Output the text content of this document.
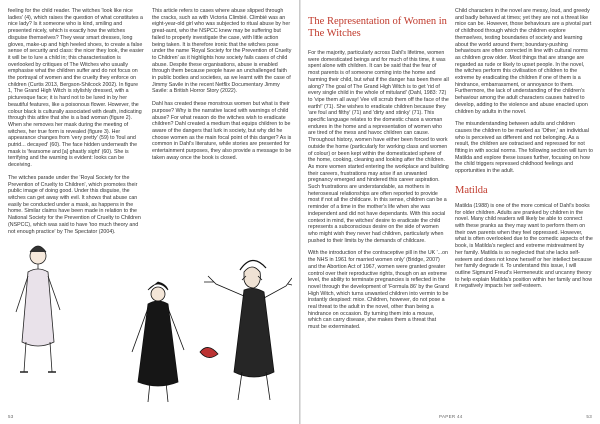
feeling for the child reader. The witches 'look like nice ladies' (4), which raises the question of what constitutes a nice lady? Is it someone who is kind, smiling and presented nicely, which is exactly how the witches disguise themselves? They wear smart dresses, long gloves, make-up and high heeled shoes, to create a false sense of security and class: the nicer they look, the easier it will be to lure a child in; this characterisation is overlooked by critiques of The Witches who usually emphasise what the children suffer and do not focus on the portrayal of women and the cruelty they enforce on children (Curtis 2013, Bergson-Shilcock 2002). In figure 1, The Grand High Witch is stylishly dressed, with a picturesque face; it is hard not to be lured in by her beautiful features, like a poisonous flower. However, the colour black is culturally associated with death, indicating through this attire that she is a bad woman (figure 2). When she removes her mask during the meeting of witches, her true form is revealed (figure 3). Her appearance changes from 'very pretty' (59) to 'foul and putrid... decayed' (60). The face hidden underneath the mask is 'fearsome and [a] ghastly sight' (60). She is terrifying and the warning is evident: looks can be deceiving.

The witches parade under the 'Royal Society for the Prevention of Cruelty to Children', which promotes their public image of doing good. Under this disguise, the witches can get away with evil. It shows that abuse can easily be conducted under a mask, as happens in the home. Similar claims have been made in relation to the National Society for the Prevention of Cruelty to Children (NSPCC), which was said to have 'too much theory and not enough practice' by The Spectator (2004).

This article refers to cases where abuse slipped through the cracks, such as with Victoria Climbié. Climbié was an eight-year-old girl who was subjected to ritual abuse by her great-aunt, who the NSPCC knew may be suffering but failed to properly investigate the case, with little action being taken. It is therefore ironic that the witches pose under the name 'Royal Society for the Prevention of Cruelty to Children' as it highlights how society fails cases of child abuse. Despite these organisations, abuse is enabled through them because people have an unchallenged faith in public bodies and societies, as we learnt with the case of Jimmy Savile in the recent Netflix Documentary Jimmy Savile: a British Horror Story (2022).

Dahl has created these monstrous women but what is their purpose? Why is the narrative laced with warnings of child abuse? For what reason do the witches wish to eradicate children? Dahl created a medium that equips children to be aware of the dangers that lurk in society, but why did he choose women as the main focal point of this danger? As is common in Dahl's literature, while stories are presented for entertainment purposes, they also provide a message to be taken away once the book is closed.

53
The Representation of Women in The Witches

For the majority, particularly across Dahl's lifetime, women were domesticated beings and for much of this time, it was spent alone with children. It can be said that the fear of most parents is of someone coming into the home and harming their child, but what if the danger has been there all along? The goal of The Grand High Witch is to get 'rid of every single child in the whole of mituland' (Dahl, 1983: 72) to 'vipe them all avay! Vee vill scrrub them off the face of the earth!' (71). She wishes to eradicate children because they 'are foul and filthy' (71) and 'dirty and stinky' (71). This specific language relates to the domestic chaos a woman endures in the home and a representation of women who are tired of the mess and havoc children can cause. Throughout history, women have either been forced to work outside the home (particularly for working class and women of colour) or been kept within the domesticated sphere of the home, cooking, cleaning and looking after the children. As more women started entering the workplace and building their careers, frustrations may arise if an unwanted pregnancy emerged and hindered this career aspiration. Such frustrations are understandable, as mothers in heterosexual relationships are often reported to provide most if not all the childcare. In this sense, children can be a reminder of a time in the mother's life when she was independent and did not have dependants. With this social context in mind, the witches' desire to eradicate the child represents a subconscious desire on the side of women who might wish they never had children, particularly when pushed to their limits by the demands of childcare.

With the introduction of the contraceptive pill in the UK '...on the NHS in 1961 for married women only' (Bridge, 2007) and the Abortion Act of 1967, women were granted greater control over their reproductive rights, though on an extreme level, the ability to terminate pregnancies is reflected in the novel through the development of 'Formula 86' by the Grand High Witch, which turns unwanted children into vermin to be instantly despised: mice. Children, however, do not pose a real threat to the adult in the novel, other than being a hindrance on occasion. By turning them into a mouse, which can carry disease, she makes them a threat that must be exterminated.

Child characters in the novel are messy, loud, and greedy and badly behaved at times; yet they are not a threat like mice can be. However, those behaviours are a pivotal part of childhood through which the children explore themselves, testing boundaries of society and learning about the world around them; boundary-pushing behaviours are often corrected in line with cultural norms as children grow older. Most things that are strange are regarded as rude or likely to upset people. In the novel, the witches perform this civilisation of children to the extreme by eradicating the children if one of them is a hindrance, embarrassment, or annoyance to them. Furthermore, the lack of understanding of the children's behaviour among the adult characters causes hatred to develop, adding to the violence and abuse enacted upon children by adults in the novel.

The misunderstanding between adults and children causes the children to be marked as 'Other,' an individual who is perceived as different and not belonging. As a result, the children are ostracised and repressed for not fitting in with social norms. The following section will turn to Matilda and explore these issues further, focusing on how the child triggers repressed childhood feelings and opportunities in the adult.

Matilda

Matilda (1988) is one of the more comical of Dahl's books for older children. Adults are pranked by children in the novel. Many child readers will likely be able to connect with these pranks as they may want to perform them on their own parents when they feel oppressed. However, what is often overlooked due to the comedic aspects of the book, is Matilda's neglect and extreme mistreatment by her family. Matilda is so neglected that she lacks self-esteem and does not know herself or her intellect because her family degrade it. To understand this issue, I will outline Sigmund Freud's Hermeneutic and uncanny theory to help explain Matilda's position within her family and how it negatively impacts her self-esteem.

PAPER 44	53
